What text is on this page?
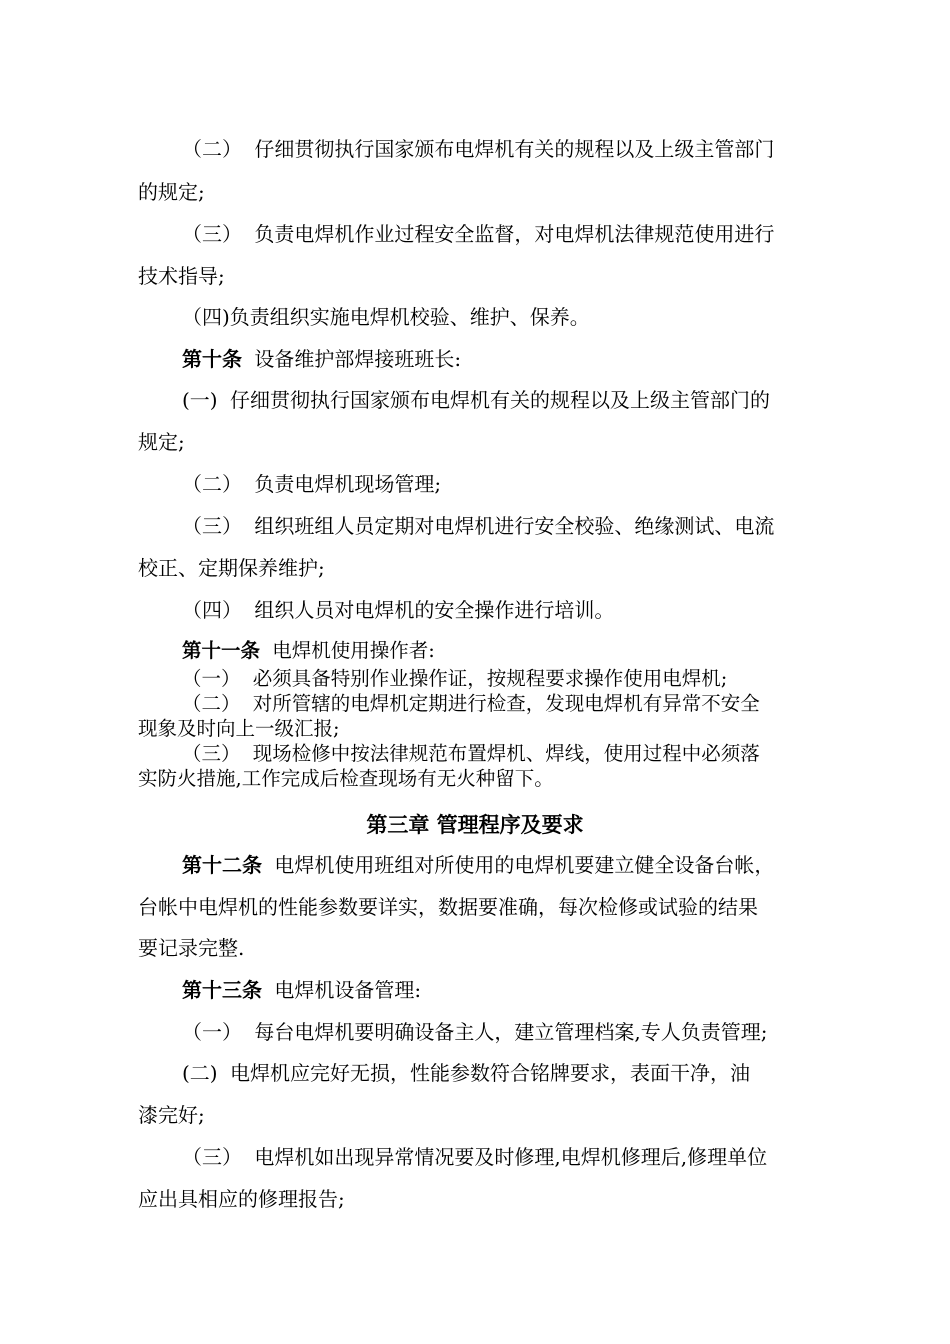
（二） 仔细贯彻执行国家颁布电焊机有关的规程以及上级主管部门
的规定;
（三） 负责电焊机作业过程安全监督，对电焊机法律规范使用进行
技术指导;
（四)负责组织实施电焊机校验、维护、保养。
第十条 设备维护部焊接班班长:
(一) 仔细贯彻执行国家颁布电焊机有关的规程以及上级主管部门的
规定;
（二） 负责电焊机现场管理;
（三） 组织班组人员定期对电焊机进行安全校验、绝缘测试、电流
校正、定期保养维护;
（四） 组织人员对电焊机的安全操作进行培训。
第十一条 电焊机使用操作者:
（一） 必须具备特别作业操作证，按规程要求操作使用电焊机;
（二） 对所管辖的电焊机定期进行检查，发现电焊机有异常不安全
现象及时向上一级汇报;
（三） 现场检修中按法律规范布置焊机、焊线，使用过程中必须落
实防火措施,工作完成后检查现场有无火种留下。
第三章 管理程序及要求
第十二条 电焊机使用班组对所使用的电焊机要建立健全设备台帐，
台帐中电焊机的性能参数要详实，数据要准确，每次检修或试验的结果
要记录完整.
第十三条 电焊机设备管理:
（一） 每台电焊机要明确设备主人，建立管理档案,专人负责管理;
(二) 电焊机应完好无损，性能参数符合铭牌要求，表面干净，油
漆完好;
（三） 电焊机如出现异常情况要及时修理,电焊机修理后,修理单位
应出具相应的修理报告;
